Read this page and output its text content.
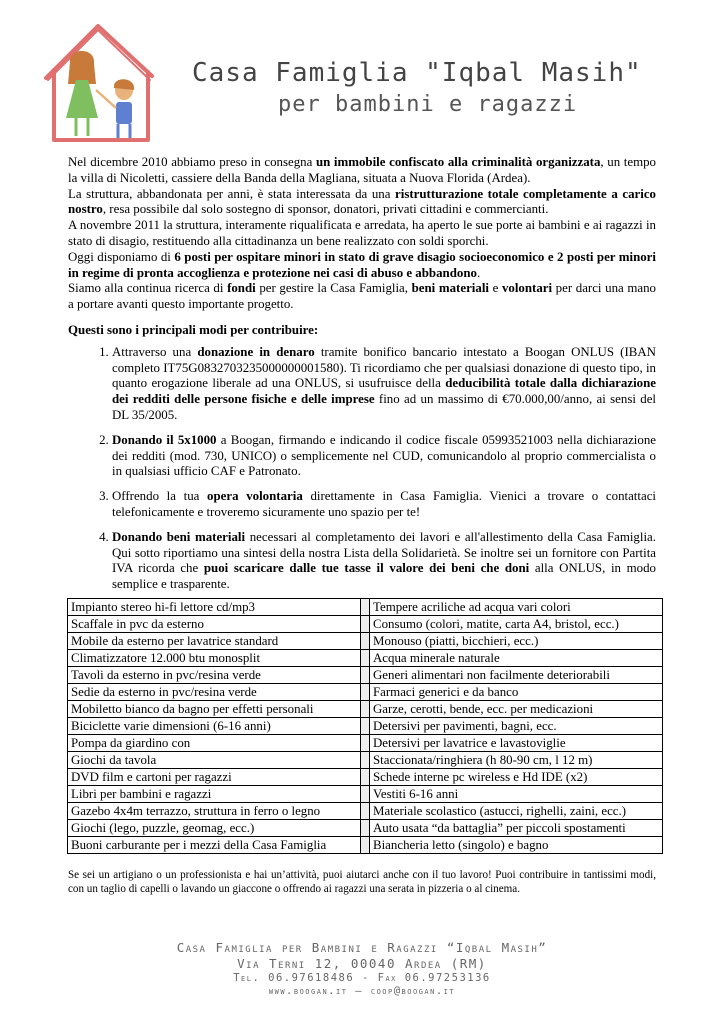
Casa Famiglia "Iqbal Masih"
per bambini e ragazzi

Nel dicembre 2010 abbiamo preso in consegna un immobile confiscato alla criminalità organizzata, un tempo la villa di Nicoletti, cassiere della Banda della Magliana, situata a Nuova Florida (Ardea).

La struttura, abbandonata per anni, è stata interessata da una ristrutturazione totale completamente a carico nostro, resa possibile dal solo sostegno di sponsor, donatori, privati cittadini e commercianti.

A novembre 2011 la struttura, interamente riqualificata e arredata, ha aperto le sue porte ai bambini e ai ragazzi in stato di disagio, restituendo alla cittadinanza un bene realizzato con soldi sporchi.

Oggi disponiamo di 6 posti per ospitare minori in stato di grave disagio socioeconomico e 2 posti per minori in regime di pronta accoglienza e protezione nei casi di abuso e abbandono.

Siamo alla continua ricerca di fondi per gestire la Casa Famiglia, beni materiali e volontari per darci una mano a portare avanti questo importante progetto.

Questi sono i principali modi per contribuire:

1. Attraverso una donazione in denaro tramite bonifico bancario intestato a Boogan ONLUS (IBAN completo IT75G0832703235000000001580). Ti ricordiamo che per qualsiasi donazione di questo tipo, in quanto erogazione liberale ad una ONLUS, si usufruisce della deducibilità totale dalla dichiarazione dei redditi delle persone fisiche e delle imprese fino ad un massimo di €70.000,00/anno, ai sensi del DL 35/2005.
2. Donando il 5x1000 a Boogan, firmando e indicando il codice fiscale 05993521003 nella dichiarazione dei redditi (mod. 730, UNICO) o semplicemente nel CUD, comunicandolo al proprio commercialista o in qualsiasi ufficio CAF e Patronato.
3. Offrendo la tua opera volontaria direttamente in Casa Famiglia. Vienici a trovare o contattaci telefonicamente e troveremo sicuramente uno spazio per te!
4. Donando beni materiali necessari al completamento dei lavori e all'allestimento della Casa Famiglia. Qui sotto riportiamo una sintesi della nostra Lista della Solidarietà. Se inoltre sei un fornitore con Partita IVA ricorda che puoi scaricare dalle tue tasse il valore dei beni che doni alla ONLUS, in modo semplice e trasparente.
Impianto stereo hi-fi lettore cd/mp3		Tempere acriliche ad acqua vari colori
Scaffale in pvc da esterno		Consumo (colori, matite, carta A4, bristol, ecc.)
Mobile da esterno per lavatrice standard		Monouso (piatti, bicchieri, ecc.)
Climatizzatore 12.000 btu monosplit		Acqua minerale naturale
Tavoli da esterno in pvc/resina verde		Generi alimentari non facilmente deteriorabili
Sedie da esterno in pvc/resina verde		Farmaci generici e da banco
Mobiletto bianco da bagno per effetti personali		Garze, cerotti, bende, ecc. per medicazioni
Biciclette varie dimensioni (6-16 anni)		Detersivi per pavimenti, bagni, ecc.
Pompa da giardino con		Detersivi per lavatrice e lavastoviglie
Giochi da tavola		Staccionata/ringhiera (h 80-90 cm, l 12 m)
DVD film e cartoni per ragazzi		Schede interne pc wireless e Hd IDE (x2)
Libri per bambini e ragazzi		Vestiti 6-16 anni
Gazebo 4x4m terrazzo, struttura in ferro o legno		Materiale scolastico (astucci, righelli, zaini, ecc.)
Giochi (lego, puzzle, geomag, ecc.)		Auto usata “da battaglia” per piccoli spostamenti
Buoni carburante per i mezzi della Casa Famiglia		Biancheria letto (singolo) e bagno

Se sei un artigiano o un professionista e hai un’attività, puoi aiutarci anche con il tuo lavoro! Puoi contribuire in tantissimi modi, con un taglio di capelli o lavando un giaccone o offrendo ai ragazzi una serata in pizzeria o al cinema.

Casa Famiglia per Bambini e Ragazzi “Iqbal Masih”
Via Terni 12, 00040 Ardea (RM)
Tel. 06.97618486 - Fax 06.97253136
www.boogan.it – coop@boogan.it
